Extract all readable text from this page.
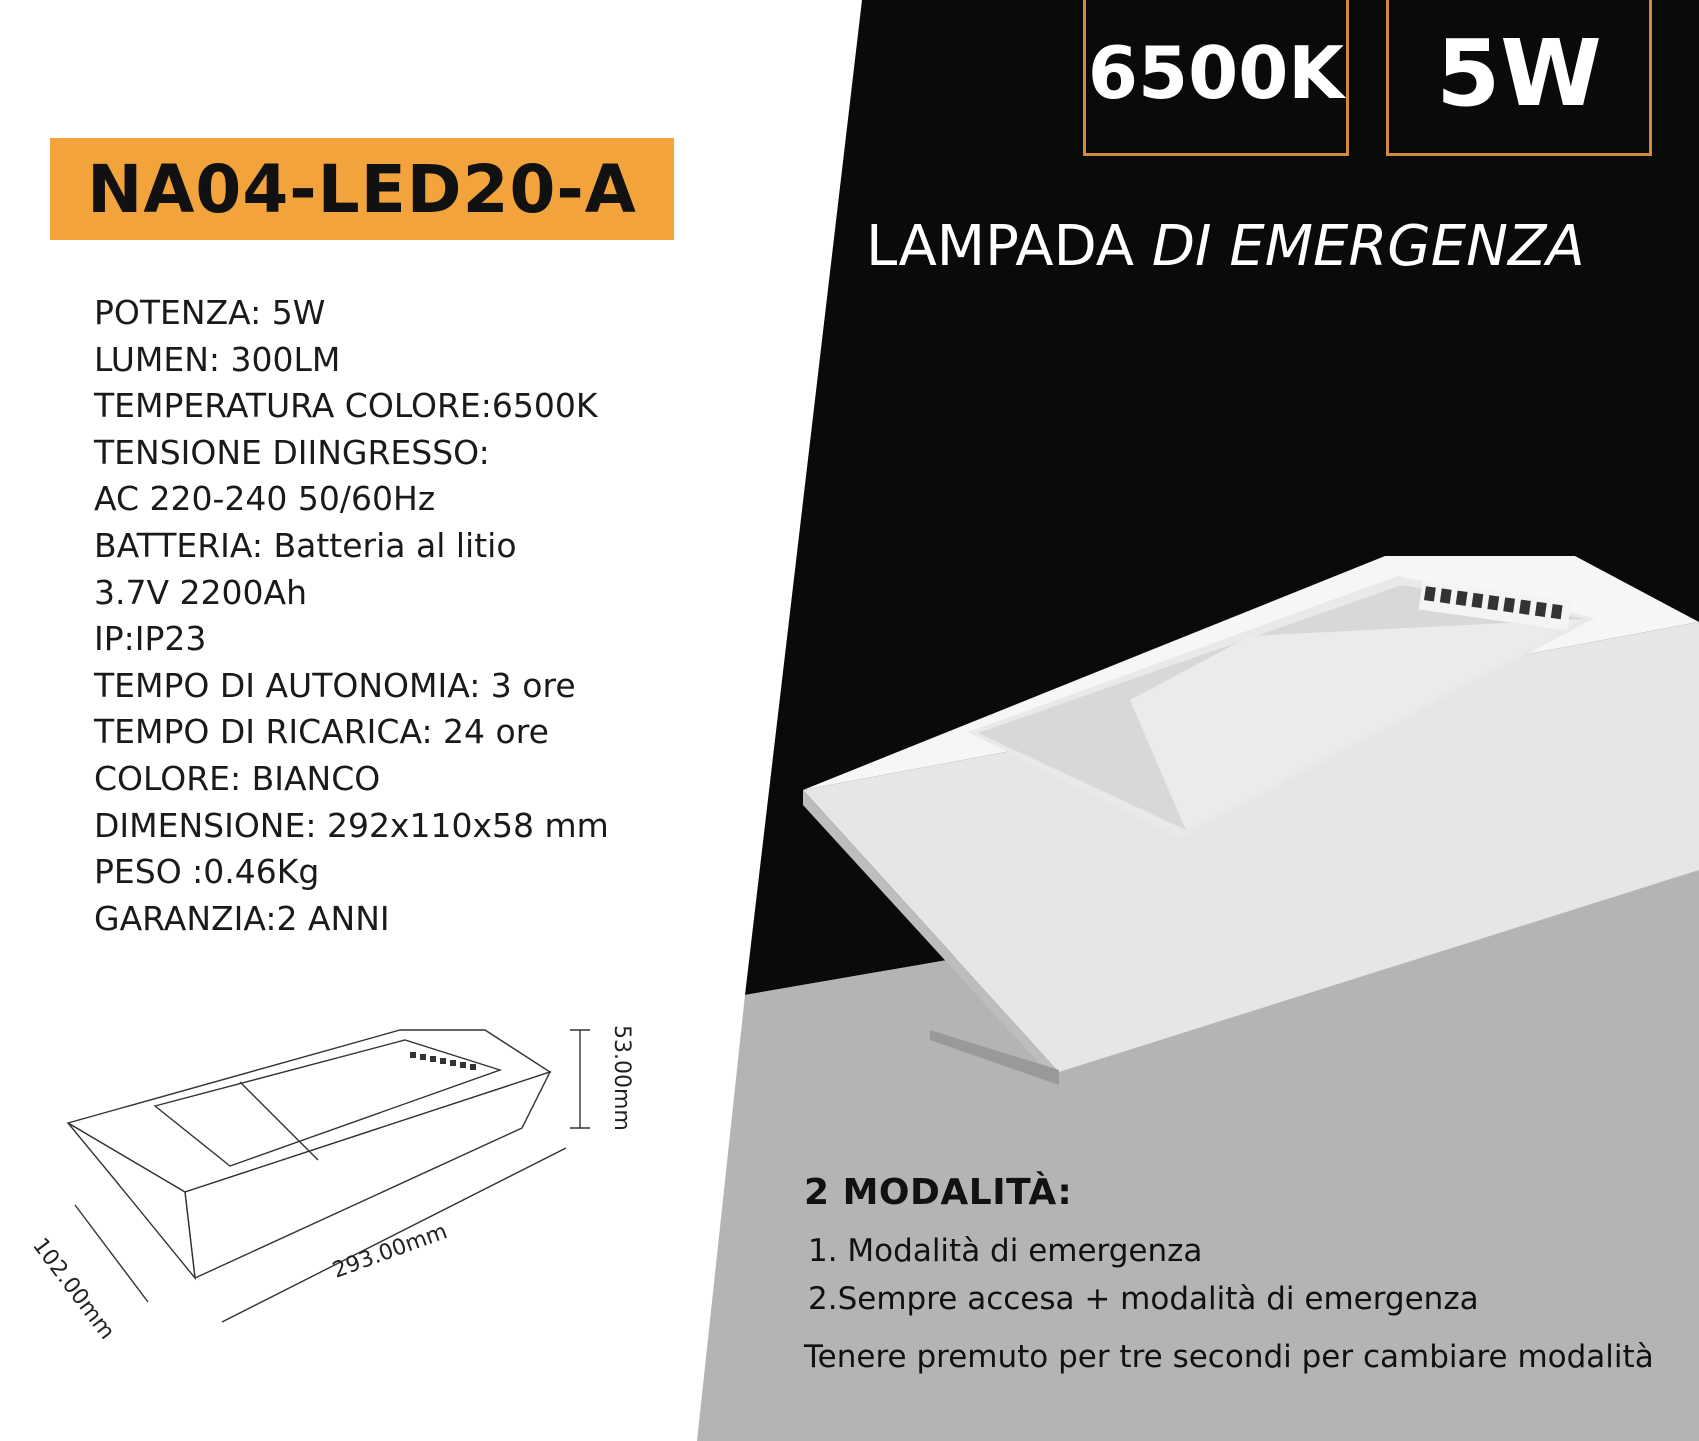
53.00mm
293.00mm
102.00mm
NA04-LED20-A
POTENZA: 5W
LUMEN: 300LM
TEMPERATURA COLORE:6500K
TENSIONE DIINGRESSO:
AC 220-240 50/60Hz
BATTERIA: Batteria al litio
3.7V 2200Ah
IP:IP23
TEMPO DI AUTONOMIA: 3 ore
TEMPO DI RICARICA: 24 ore
COLORE: BIANCO
DIMENSIONE: 292x110x58 mm
PESO :0.46Kg
GARANZIA:2 ANNI
6500K 5W
LAMPADA DI EMERGENZA
2 MODALITÀ:
1. Modalità di emergenza
2.Sempre accesa + modalità di emergenza
Tenere premuto per tre secondi per cambiare modalità
